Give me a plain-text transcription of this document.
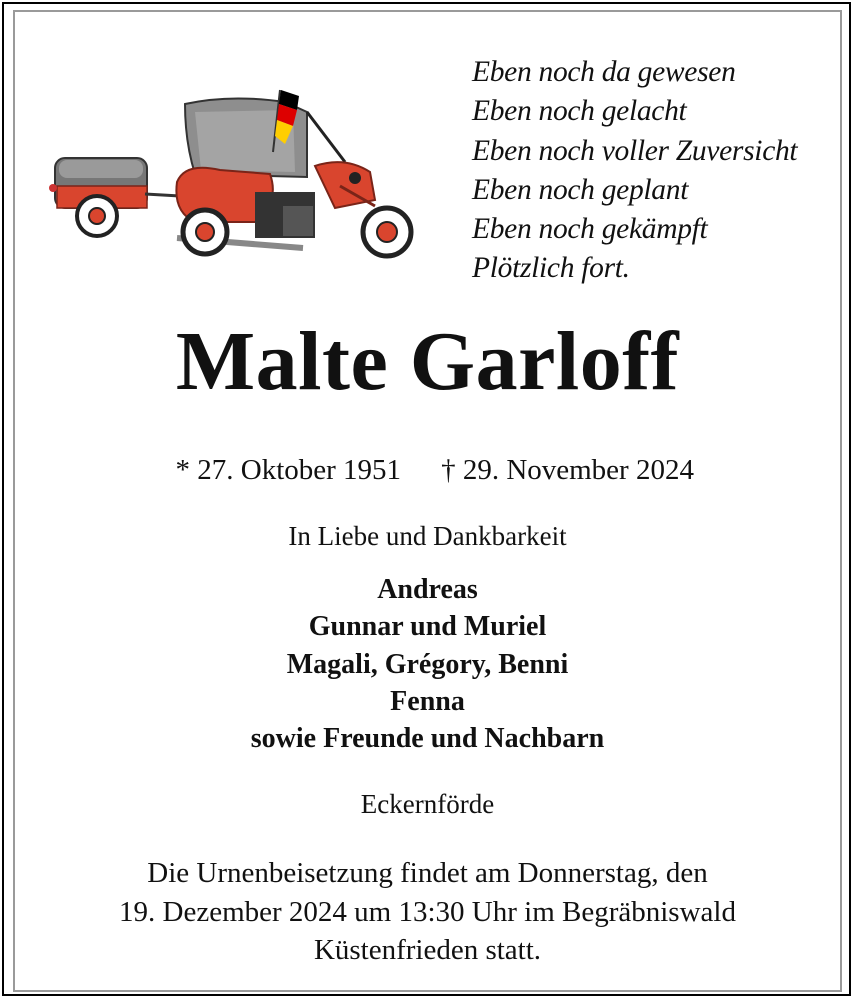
Eben noch da gewesen
Eben noch gelacht
Eben noch voller Zuversicht
Eben noch geplant
Eben noch gekämpft
Plötzlich fort.
Malte Garloff

* 27. Oktober 1951 † 29. November 2024

In Liebe und Dankbarkeit
Andreas
Gunnar und Muriel
Magali, Grégory, Benni
Fenna
sowie Freunde und Nachbarn
Eckernförde
Die Urnenbeisetzung findet am Donnerstag, den
19. Dezember 2024 um 13:30 Uhr im Begräbniswald
Küstenfrieden statt.
